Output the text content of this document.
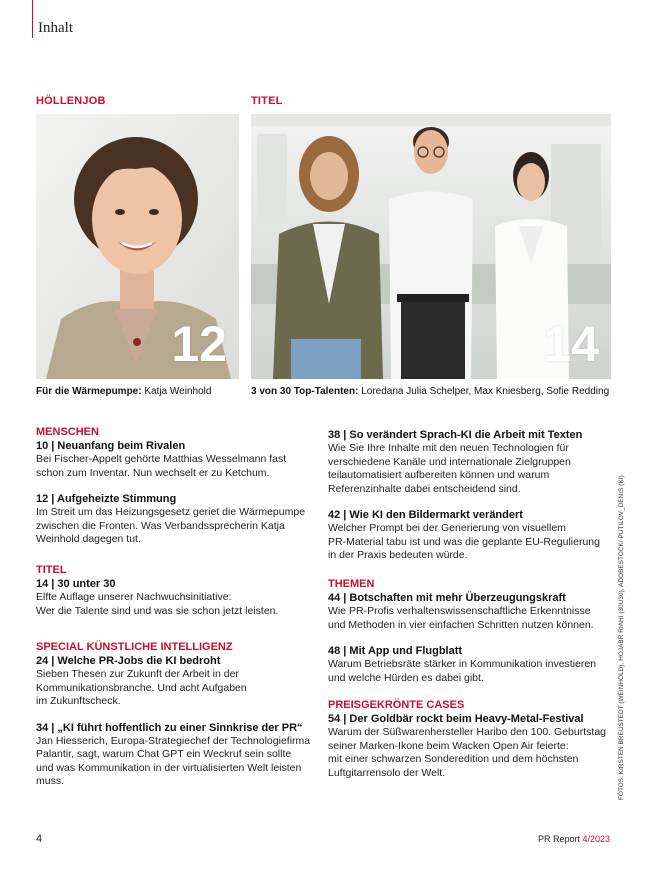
Inhalt
HÖLLENJOB
12
Für die Wärmepumpe: Katja Weinhold
TITEL
14
3 von 30 Top-Talenten: Loredana Julia Schelper, Max Kniesberg, Sofie Redding
MENSCHEN
10 | Neuanfang beim Rivalen
Bei Fischer-Appelt gehörte Matthias Wesselmann fast
schon zum Inventar. Nun wechselt er zu Ketchum.
12 | Aufgeheizte Stimmung
Im Streit um das Heizungsgesetz geriet die Wärmepumpe
zwischen die Fronten. Was Verbandssprecherin Katja
Weinhold dagegen tut.
TITEL
14 | 30 unter 30
Elfte Auflage unserer Nachwuchsinitiative:
Wer die Talente sind und was sie schon jetzt leisten.
SPECIAL KÜNSTLICHE INTELLIGENZ
24 | Welche PR-Jobs die KI bedroht
Sieben Thesen zur Zukunft der Arbeit in der
Kommunikationsbranche. Und acht Aufgaben
im Zukunftscheck.
34 | „KI führt hoffentlich zu einer Sinnkrise der PR“
Jan Hiesserich, Europa-Strategiechef der Technologiefirma
Palantir, sagt, warum Chat GPT ein Weckruf sein sollte
und was Kommunikation in der virtualisierten Welt leisten
muss.
38 | So verändert Sprach-KI die Arbeit mit Texten
Wie Sie Ihre Inhalte mit den neuen Technologien für
verschiedene Kanäle und internationale Zielgruppen
teilautomatisiert aufbereiten können und warum
Referenzinhalte dabei entscheidend sind.
42 | Wie KI den Bildermarkt verändert
Welcher Prompt bei der Generierung von visuellem
PR-Material tabu ist und was die geplante EU-Regulierung
in der Praxis bedeuten würde.
THEMEN
44 | Botschaften mit mehr Überzeugungskraft
Wie PR-Profis verhaltenswissenschaftliche Erkenntnisse
und Methoden in vier einfachen Schritten nutzen können.
48 | Mit App und Flugblatt
Warum Betriebsräte stärker in Kommunikation investieren
und welche Hürden es dabei gibt.
PREISGEKRÖNTE CASES
54 | Der Goldbär rockt beim Heavy-Metal-Festival
Warum der Süßwarenhersteller Haribo den 100. Geburtstag
seiner Marken-Ikone beim Wacken Open Air feierte:
mit einer schwarzen Sonderedition und dem höchsten
Luftgitarrensolo der Welt.	FOTOS: KIRSTEN BREUSTEDT (WEINHOLD), HOJABR RIAHI (30U30), ADOBESTOCK/ PUTILOV_DENIS (KI)
4	PR Report 4/2023
